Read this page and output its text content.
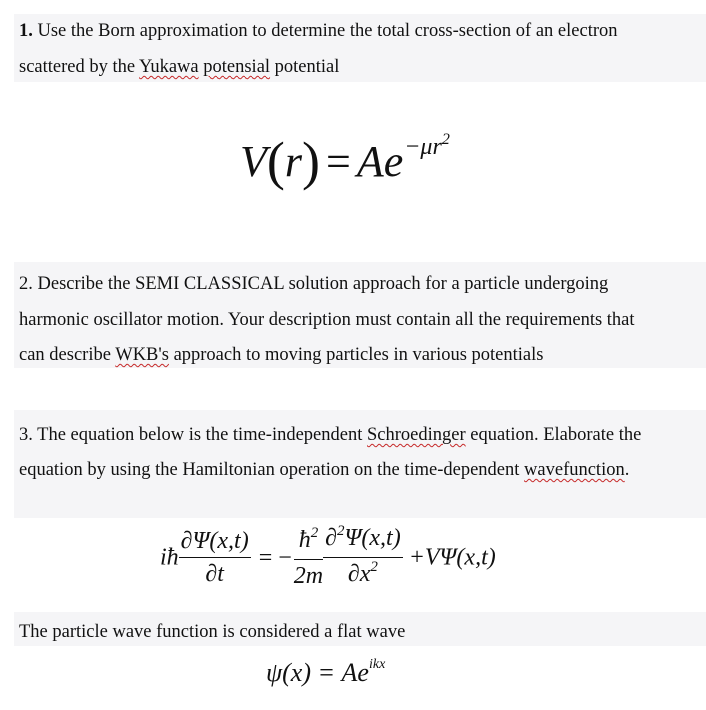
1. Use the Born approximation to determine the total cross-section of an electron
scattered by the Yukawa potensial potential
$V(r) = Ae^{-\mu r^2}$
2. Describe the SEMI CLASSICAL solution approach for a particle undergoing
harmonic oscillator motion. Your description must contain all the requirements that
can describe WKB's approach to moving particles in various potentials
3. The equation below is the time-independent Schroedinger equation. Elaborate the
equation by using the Hamiltonian operation on the time-dependent wavefunction.
iħ $\frac{\partial\Psi(x,t)}{\partial t}$ = − $\frac{ħ^2}{2m} \frac{\partial^2\Psi(x,t)}{\partial x^2} +V\Psi(x,t)$
The particle wave function is considered a flat wave
$\psi(x) = Ae^{ikx}$
